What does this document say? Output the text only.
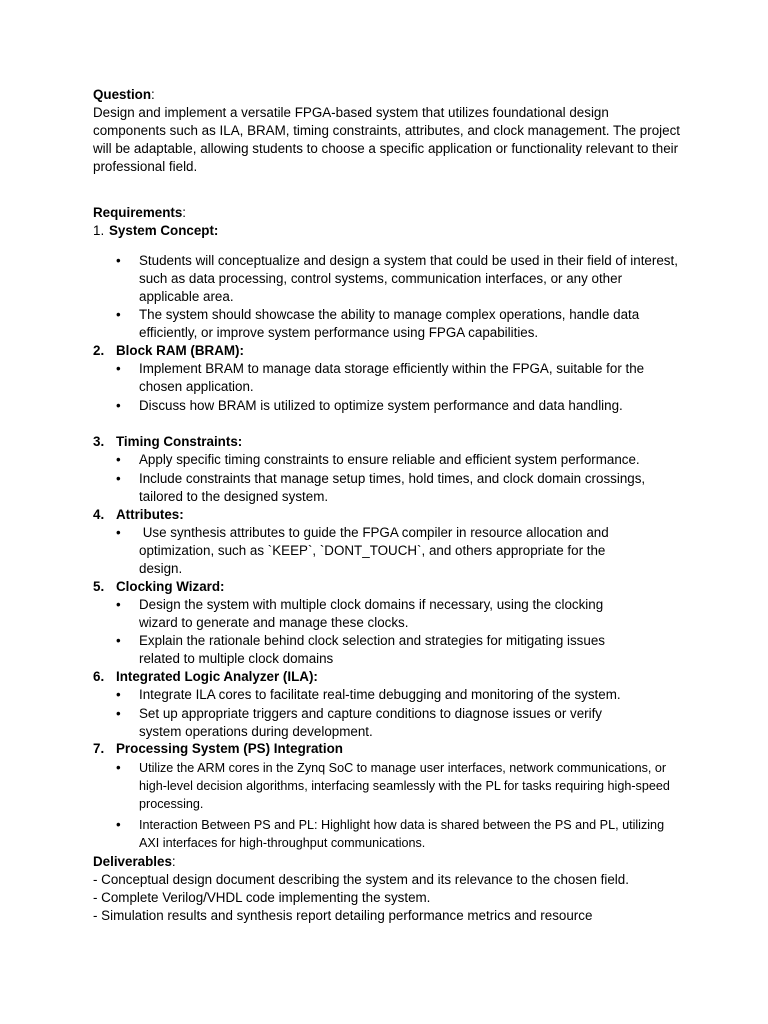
Question:
Design and implement a versatile FPGA-based system that utilizes foundational design components such as ILA, BRAM, timing constraints, attributes, and clock management. The project will be adaptable, allowing students to choose a specific application or functionality relevant to their professional field.
Requirements:
1. System Concept:
• Students will conceptualize and design a system that could be used in their field of interest, such as data processing, control systems, communication interfaces, or any other applicable area.
• The system should showcase the ability to manage complex operations, handle data efficiently, or improve system performance using FPGA capabilities.
2. Block RAM (BRAM):
• Implement BRAM to manage data storage efficiently within the FPGA, suitable for the chosen application.
• Discuss how BRAM is utilized to optimize system performance and data handling.
3. Timing Constraints:
• Apply specific timing constraints to ensure reliable and efficient system performance.
• Include constraints that manage setup times, hold times, and clock domain crossings, tailored to the designed system.
4. Attributes:
• Use synthesis attributes to guide the FPGA compiler in resource allocation and optimization, such as `KEEP`, `DONT_TOUCH`, and others appropriate for the design.
5. Clocking Wizard:
• Design the system with multiple clock domains if necessary, using the clocking wizard to generate and manage these clocks.
• Explain the rationale behind clock selection and strategies for mitigating issues related to multiple clock domains
6. Integrated Logic Analyzer (ILA):
• Integrate ILA cores to facilitate real-time debugging and monitoring of the system.
• Set up appropriate triggers and capture conditions to diagnose issues or verify system operations during development.
7. Processing System (PS) Integration
• Utilize the ARM cores in the Zynq SoC to manage user interfaces, network communications, or high-level decision algorithms, interfacing seamlessly with the PL for tasks requiring high-speed processing.
• Interaction Between PS and PL: Highlight how data is shared between the PS and PL, utilizing AXI interfaces for high-throughput communications.
Deliverables:
- Conceptual design document describing the system and its relevance to the chosen field.
- Complete Verilog/VHDL code implementing the system.
- Simulation results and synthesis report detailing performance metrics and resource
